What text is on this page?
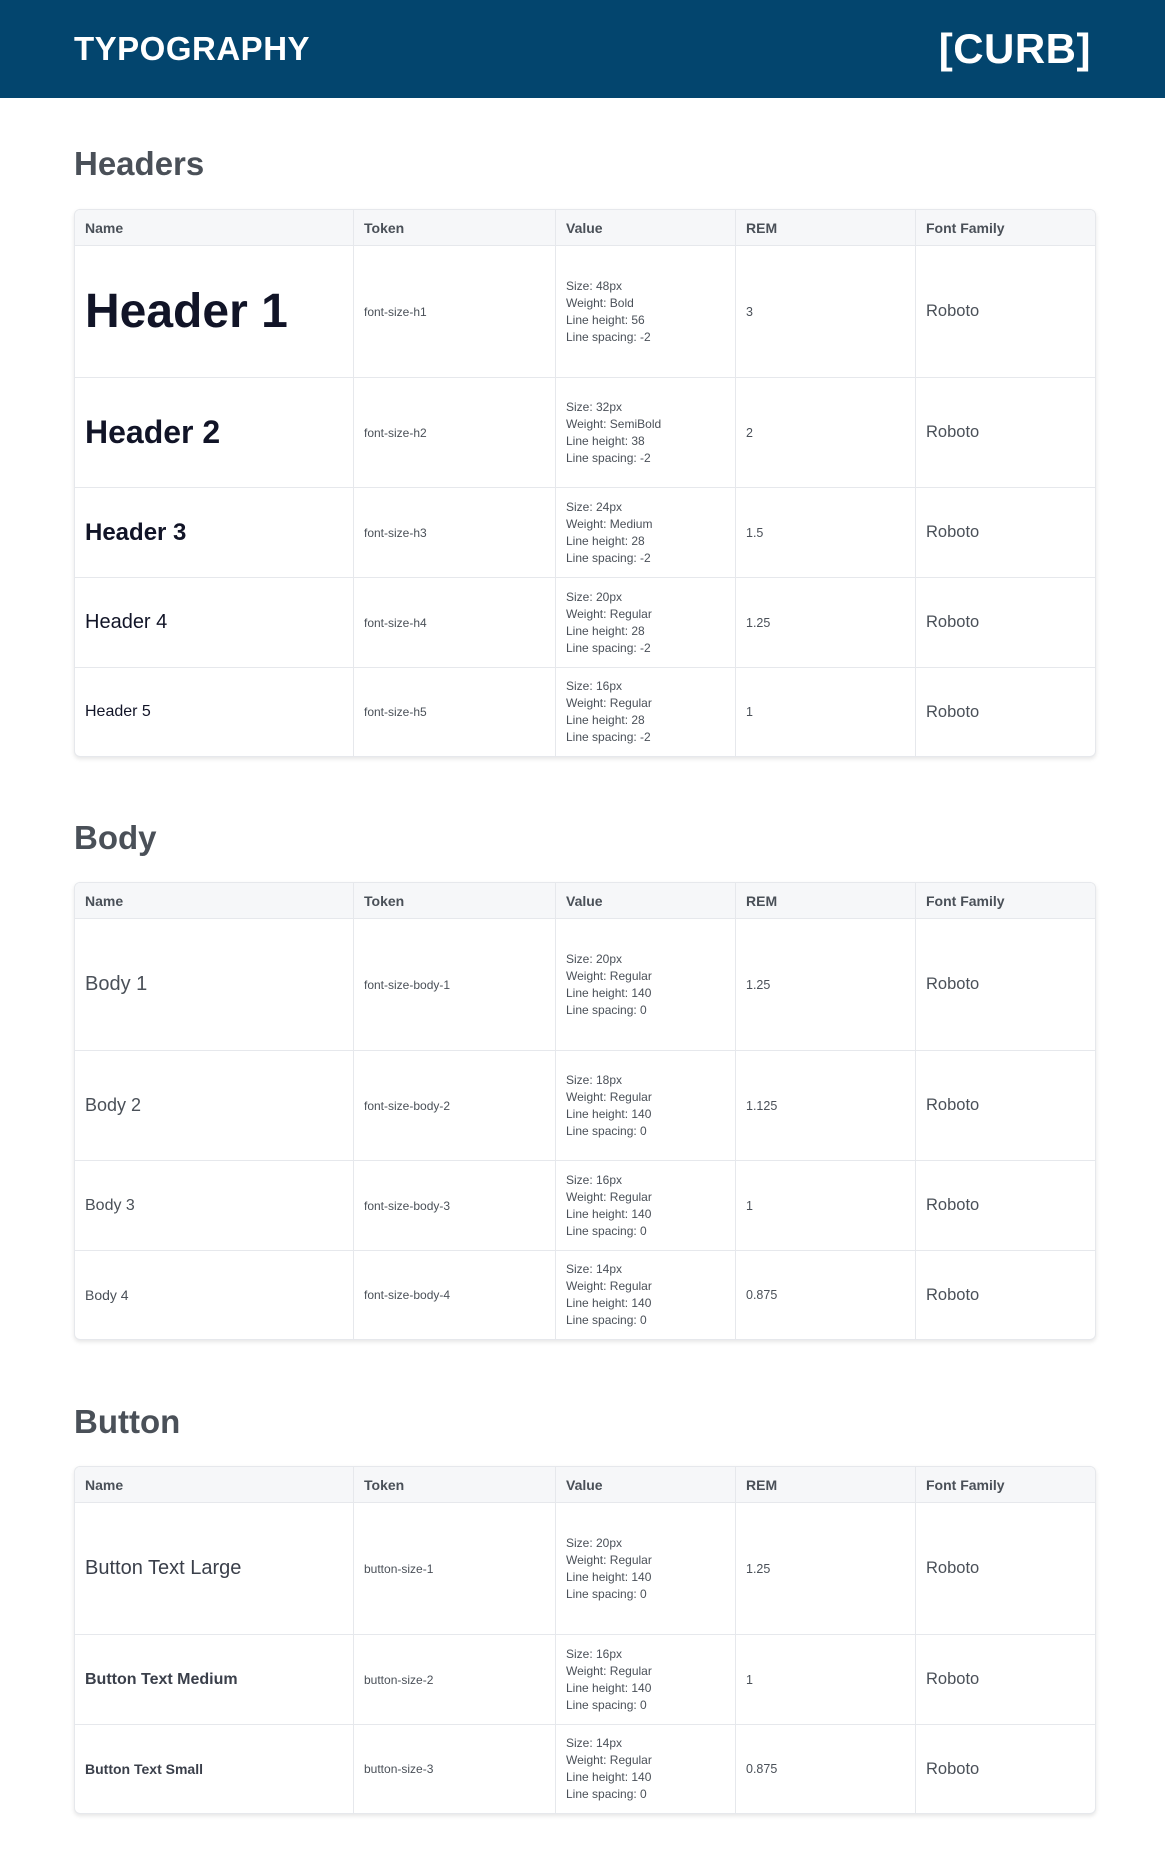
TYPOGRAPHY	[CURB]
Headers
Name	Token	Value	REM	Font Family
Header 1	font-size-h1
Size: 48px
Weight: Bold
Line height: 56
Line spacing: -2
3	Roboto
Header 2	font-size-h2
Size: 32px
Weight: SemiBold
Line height: 38
Line spacing: -2
2	Roboto
Header 3	font-size-h3
Size: 24px
Weight: Medium
Line height: 28
Line spacing: -2
1.5	Roboto
Header 4	font-size-h4
Size: 20px
Weight: Regular
Line height: 28
Line spacing: -2
1.25	Roboto
Header 5	font-size-h5
Size: 16px
Weight: Regular
Line height: 28
Line spacing: -2
1	Roboto
Body
Name	Token	Value	REM	Font Family
Body 1	font-size-body-1
Size: 20px
Weight: Regular
Line height: 140
Line spacing: 0
1.25	Roboto
Body 2	font-size-body-2
Size: 18px
Weight: Regular
Line height: 140
Line spacing: 0
1.125	Roboto
Body 3	font-size-body-3
Size: 16px
Weight: Regular
Line height: 140
Line spacing: 0
1	Roboto
Body 4	font-size-body-4
Size: 14px
Weight: Regular
Line height: 140
Line spacing: 0
0.875	Roboto
Button
Name	Token	Value	REM	Font Family
Button Text Large	button-size-1
Size: 20px
Weight: Regular
Line height: 140
Line spacing: 0
1.25	Roboto
Button Text Medium	button-size-2
Size: 16px
Weight: Regular
Line height: 140
Line spacing: 0
1	Roboto
Button Text Small	button-size-3
Size: 14px
Weight: Regular
Line height: 140
Line spacing: 0
0.875	Roboto
